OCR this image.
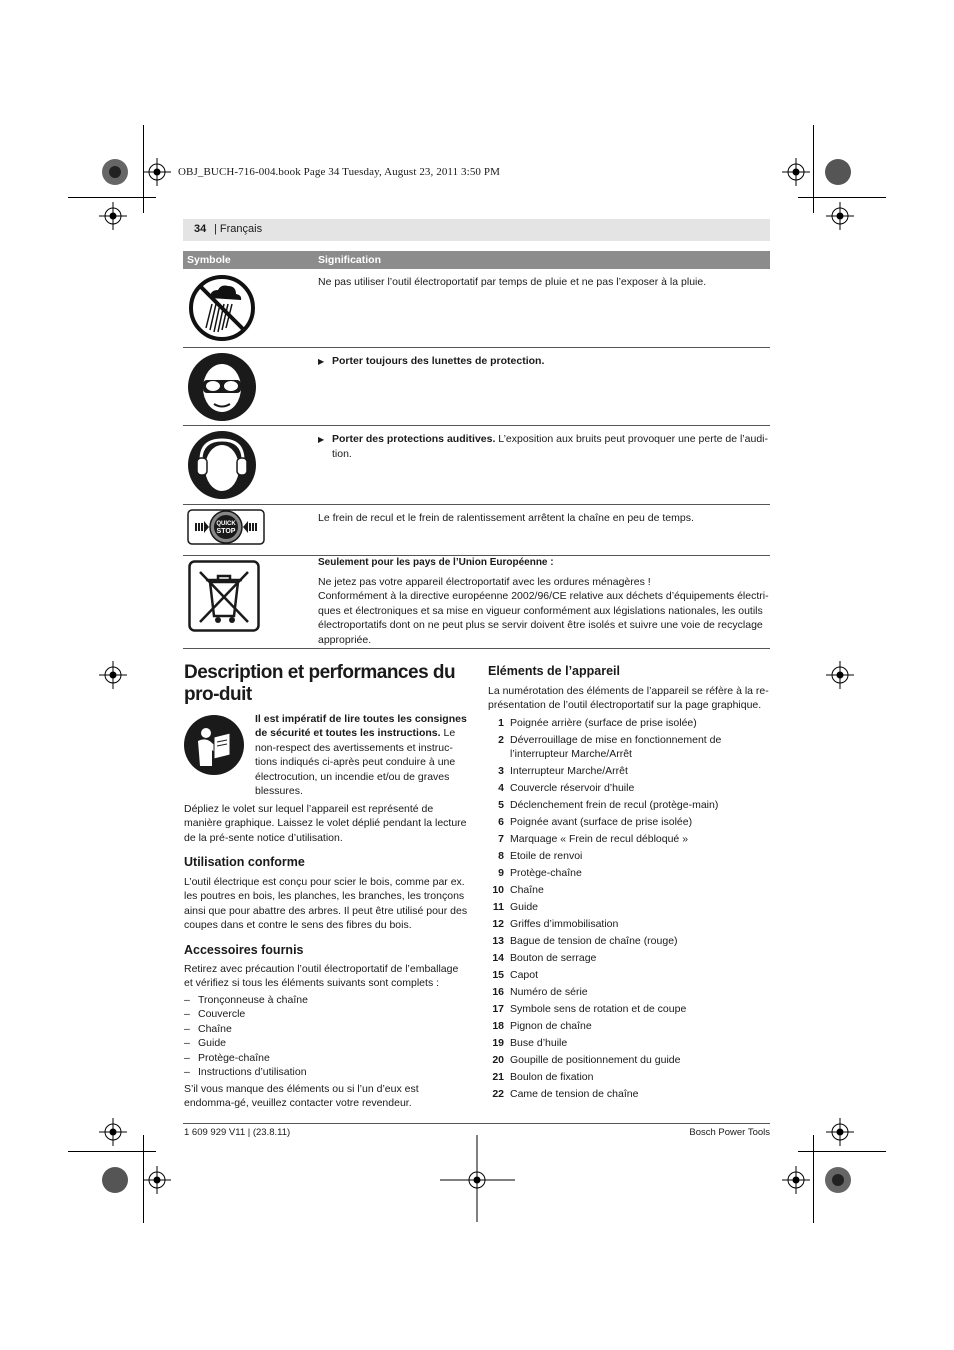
OBJ_BUCH-716-004.book Page 34 Tuesday, August 23, 2011 3:50 PM
34 | Français
Symbole	Signification
Ne pas utiliser l’outil électroportatif par temps de pluie et ne pas l’exposer à la pluie.
▶ Porter toujours des lunettes de protection.
▶ Porter des protections auditives. L’exposition aux bruits peut provoquer une perte de l’audi-tion.
QUICK
STOP
Le frein de recul et le frein de ralentissement arrêtent la chaîne en peu de temps.
Seulement pour les pays de l’Union Européenne :
Ne jetez pas votre appareil électroportatif avec les ordures ménagères !
Conformément à la directive européenne 2002/96/CE relative aux déchets d’équipements électri-ques et électroniques et sa mise en vigueur conformément aux législations nationales, les outils électroportatifs dont on ne peut plus se servir doivent être isolés et suivre une voie de recyclage appropriée.
Description et performances du pro-duit
Il est impératif de lire toutes les consignes de sécurité et toutes les instructions. Le non-respect des avertissements et instruc-tions indiqués ci-après peut conduire à une électrocution, un incendie et/ou de graves blessures.
Dépliez le volet sur lequel l’appareil est représenté de manière graphique. Laissez le volet déplié pendant la lecture de la pré-sente notice d’utilisation.
Utilisation conforme
L’outil électrique est conçu pour scier le bois, comme par ex. les poutres en bois, les planches, les branches, les tronçons ainsi que pour abattre des arbres. Il peut être utilisé pour des coupes dans et contre le sens des fibres du bois.
Accessoires fournis
Retirez avec précaution l’outil électroportatif de l’emballage et vérifiez si tous les éléments suivants sont complets :
– Tronçonneuse à chaîne
– Couvercle
– Chaîne
– Guide
– Protège-chaîne
– Instructions d’utilisation
S’il vous manque des éléments ou si l’un d’eux est endomma-gé, veuillez contacter votre revendeur.
Eléments de l’appareil
La numérotation des éléments de l’appareil se réfère à la re-présentation de l’outil électroportatif sur la page graphique.
1 Poignée arrière (surface de prise isolée)
2 Déverrouillage de mise en fonctionnement de l’interrupteur Marche/Arrêt
3 Interrupteur Marche/Arrêt
4 Couvercle réservoir d’huile
5 Déclenchement frein de recul (protège-main)
6 Poignée avant (surface de prise isolée)
7 Marquage « Frein de recul débloqué »
8 Etoile de renvoi
9 Protège-chaîne
10 Chaîne
11 Guide
12 Griffes d’immobilisation
13 Bague de tension de chaîne (rouge)
14 Bouton de serrage
15 Capot
16 Numéro de série
17 Symbole sens de rotation et de coupe
18 Pignon de chaîne
19 Buse d’huile
20 Goupille de positionnement du guide
21 Boulon de fixation
22 Came de tension de chaîne
1 609 929 V11 | (23.8.11)	Bosch Power Tools
